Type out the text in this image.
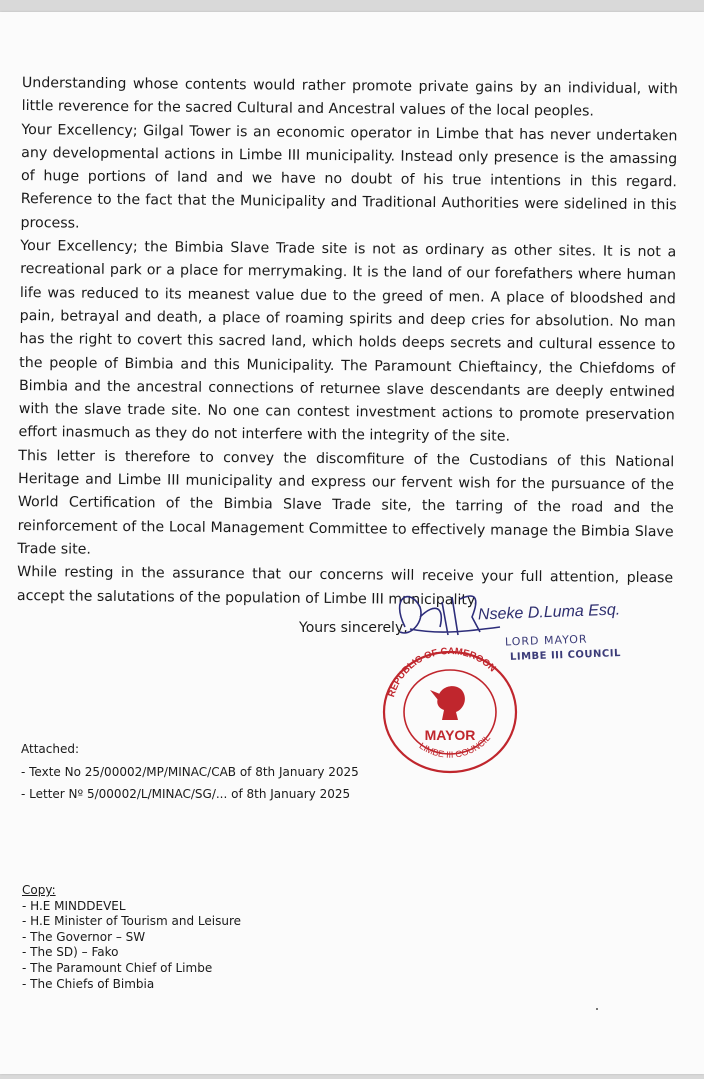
Understanding whose contents would rather promote private gains by an individual, with little reverence for the sacred Cultural and Ancestral values of the local peoples.

Your Excellency; Gilgal Tower is an economic operator in Limbe that has never undertaken any developmental actions in Limbe III municipality. Instead only presence is the amassing of huge portions of land and we have no doubt of his true intentions in this regard. Reference to the fact that the Municipality and Traditional Authorities were sidelined in this process.

Your Excellency; the Bimbia Slave Trade site is not as ordinary as other sites. It is not a recreational park or a place for merrymaking. It is the land of our forefathers where human life was reduced to its meanest value due to the greed of men. A place of bloodshed and pain, betrayal and death, a place of roaming spirits and deep cries for absolution. No man has the right to covert this sacred land, which holds deeps secrets and cultural essence to the people of Bimbia and this Municipality. The Paramount Chieftaincy, the Chiefdoms of Bimbia and the ancestral connections of returnee slave descendants are deeply entwined with the slave trade site. No one can contest investment actions to promote preservation effort inasmuch as they do not interfere with the integrity of the site.

This letter is therefore to convey the discomfiture of the Custodians of this National Heritage and Limbe III municipality and express our fervent wish for the pursuance of the World Certification of the Bimbia Slave Trade site, the tarring of the road and the reinforcement of the Local Management Committee to effectively manage the Bimbia Slave Trade site.

While resting in the assurance that our concerns will receive your full attention, please accept the salutations of the population of Limbe III municipality.

Yours sincerely,
Nseke D.Luma Esq.
LORD MAYOR
LIMBE III COUNCIL
REPUBLIC OF CAMEROON
LIMBE III COUNCIL
MAYOR
Attached:
- Texte No 25/00002/MP/MINAC/CAB of 8th January 2025
- Letter Nº 5/00002/L/MINAC/SG/... of 8th January 2025
Copy:
- H.E MINDDEVEL
- H.E Minister of Tourism and Leisure
- The Governor – SW
- The SD) – Fako
- The Paramount Chief of Limbe
- The Chiefs of Bimbia
